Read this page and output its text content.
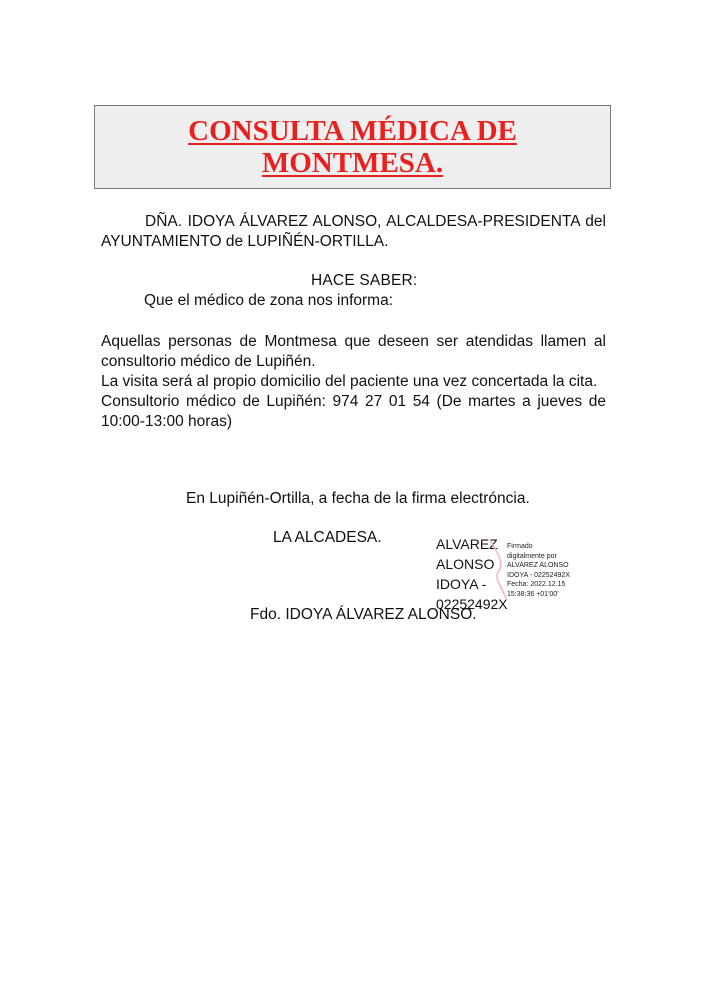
CONSULTA MÉDICA DE
MONTMESA.
DÑA. IDOYA ÁLVAREZ ALONSO, ALCALDESA-PRESIDENTA del AYUNTAMIENTO de LUPIÑÉN-ORTILLA.
HACE SABER:
Que el médico de zona nos informa:

Aquellas personas de Montmesa que deseen ser atendidas llamen al consultorio médico de Lupiñén.

La visita será al propio domicilio del paciente una vez concertada la cita.

Consultorio médico de Lupiñén: 974 27 01 54 (De martes a jueves de 10:00-13:00 horas)

En Lupiñén-Ortilla, a fecha de la firma electróncia.
LA ALCADESA.	ALVAREZ
ALONSO
IDOYA -
02252492X
Firmado
digitalmente por
ALVAREZ ALONSO
IDOYA - 02252492X
Fecha: 2022.12.15
15:38:36 +01'00'
Fdo. IDOYA ÁLVAREZ ALONSO.
